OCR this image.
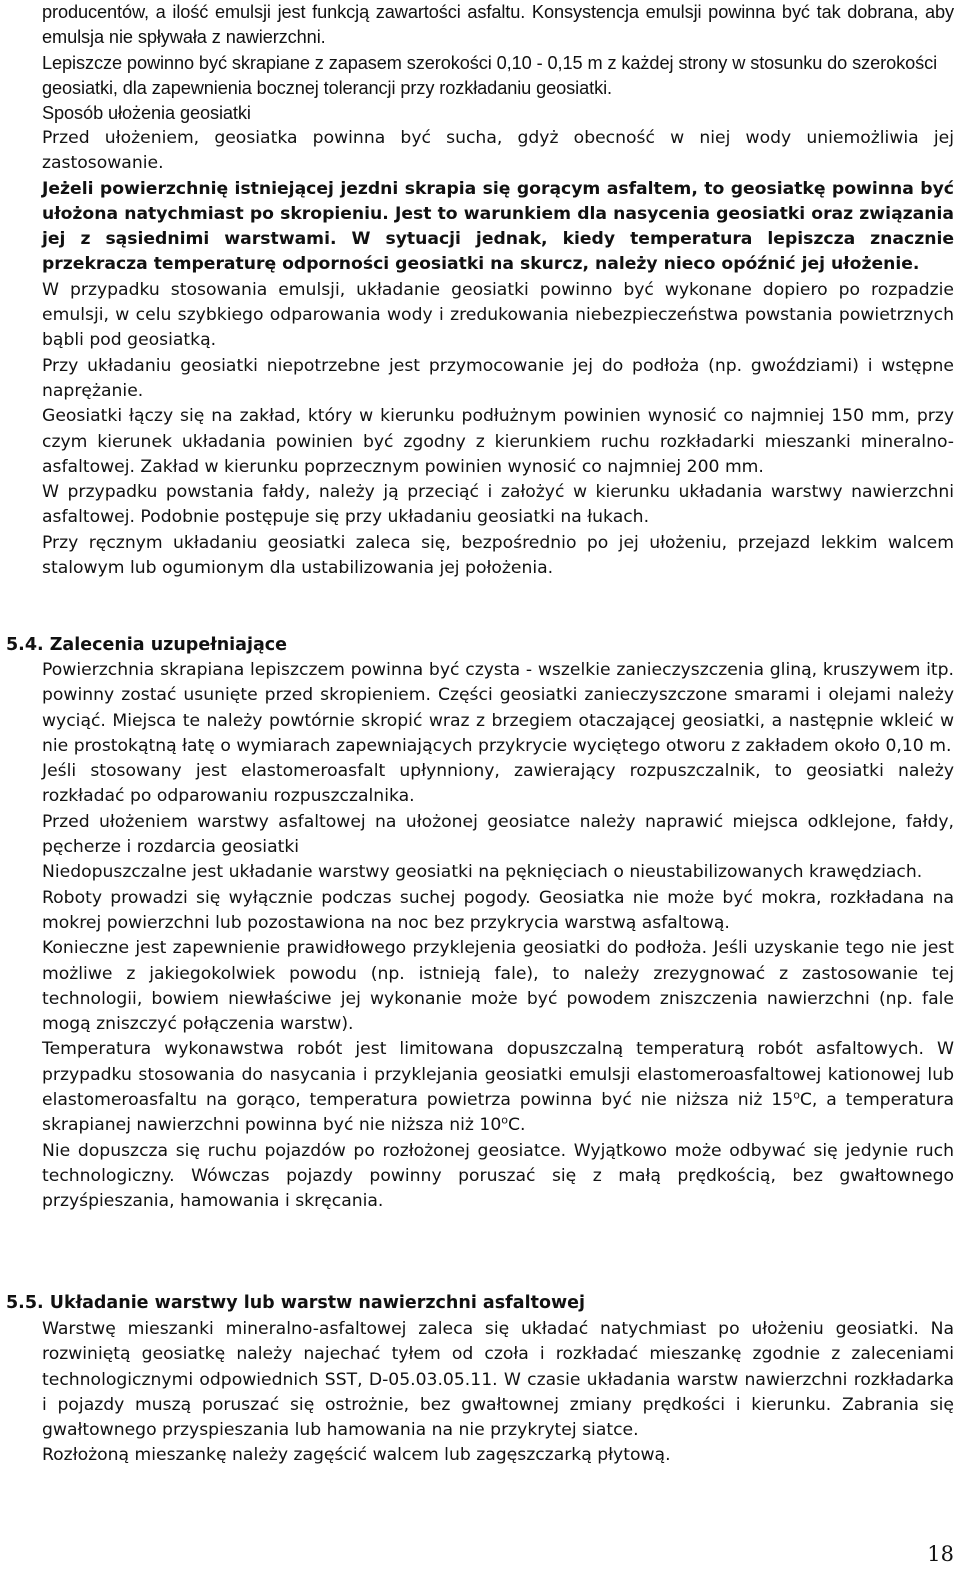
producentów, a ilość emulsji jest funkcją zawartości asfaltu. Konsystencja emulsji powinna być tak dobrana, aby emulsja nie spływała z nawierzchni.

Lepiszcze powinno być skrapiane z zapasem szerokości 0,10 - 0,15 m z każdej strony w stosunku do szerokości geosiatki, dla zapewnienia bocznej tolerancji przy rozkładaniu geosiatki.

Sposób ułożenia geosiatki

Przed ułożeniem, geosiatka powinna być sucha, gdyż obecność w niej wody uniemożliwia jej zastosowanie.

Jeżeli powierzchnię istniejącej jezdni skrapia się gorącym asfaltem, to geosiatkę powinna być ułożona natychmiast po skropieniu. Jest to warunkiem dla nasycenia geosiatki oraz związania jej z sąsiednimi warstwami. W sytuacji jednak, kiedy temperatura lepiszcza znacznie przekracza temperaturę odporności geosiatki na skurcz, należy nieco opóźnić jej ułożenie.

W przypadku stosowania emulsji, układanie geosiatki powinno być wykonane dopiero po rozpadzie emulsji, w celu szybkiego odparowania wody i zredukowania niebezpieczeństwa powstania powietrznych bąbli pod geosiatką.

Przy układaniu geosiatki niepotrzebne jest przymocowanie jej do podłoża (np. gwoździami) i wstępne naprężanie.

Geosiatki łączy się na zakład, który w kierunku podłużnym powinien wynosić co najmniej 150 mm, przy czym kierunek układania powinien być zgodny z kierunkiem ruchu rozkładarki mieszanki mineralno-asfaltowej. Zakład w kierunku poprzecznym powinien wynosić co najmniej 200 mm.

W przypadku powstania fałdy, należy ją przeciąć i założyć w kierunku układania warstwy nawierzchni asfaltowej. Podobnie postępuje się przy układaniu geosiatki na łukach.

Przy ręcznym układaniu geosiatki zaleca się, bezpośrednio po jej ułożeniu, przejazd lekkim walcem stalowym lub ogumionym dla ustabilizowania jej położenia.

5.4. Zalecenia uzupełniające

Powierzchnia skrapiana lepiszczem powinna być czysta - wszelkie zanieczyszczenia gliną, kruszywem itp. powinny zostać usunięte przed skropieniem. Części geosiatki zanieczyszczone smarami i olejami należy wyciąć. Miejsca te należy powtórnie skropić wraz z brzegiem otaczającej geosiatki, a następnie wkleić w nie prostokątną łatę o wymiarach zapewniających przykrycie wyciętego otworu z zakładem około 0,10 m.

Jeśli stosowany jest elastomeroasfalt upłynniony, zawierający rozpuszczalnik, to geosiatki należy rozkładać po odparowaniu rozpuszczalnika.

Przed ułożeniem warstwy asfaltowej na ułożonej geosiatce należy naprawić miejsca odklejone, fałdy, pęcherze i rozdarcia geosiatki

Niedopuszczalne jest układanie warstwy geosiatki na pęknięciach o nieustabilizowanych krawędziach.

Roboty prowadzi się wyłącznie podczas suchej pogody. Geosiatka nie może być mokra, rozkładana na mokrej powierzchni lub pozostawiona na noc bez przykrycia warstwą asfaltową.

Konieczne jest zapewnienie prawidłowego przyklejenia geosiatki do podłoża. Jeśli uzyskanie tego nie jest możliwe z jakiegokolwiek powodu (np. istnieją fale), to należy zrezygnować z zastosowanie tej technologii, bowiem niewłaściwe jej wykonanie może być powodem zniszczenia nawierzchni (np. fale mogą zniszczyć połączenia warstw).

Temperatura wykonawstwa robót jest limitowana dopuszczalną temperaturą robót asfaltowych. W przypadku stosowania do nasycania i przyklejania geosiatki emulsji elastomeroasfaltowej kationowej lub elastomeroasfaltu na gorąco, temperatura powietrza powinna być nie niższa niż 15$^o$C, a temperatura skrapianej nawierzchni powinna być nie niższa niż 10$^o$C.

Nie dopuszcza się ruchu pojazdów po rozłożonej geosiatce. Wyjątkowo może odbywać się jedynie ruch technologiczny. Wówczas pojazdy powinny poruszać się z małą prędkością, bez gwałtownego przyśpieszania, hamowania i skręcania.

5.5. Układanie warstwy lub warstw nawierzchni asfaltowej

Warstwę mieszanki mineralno-asfaltowej zaleca się układać natychmiast po ułożeniu geosiatki. Na rozwiniętą geosiatkę należy najechać tyłem od czoła i rozkładać mieszankę zgodnie z zaleceniami technologicznymi odpowiednich SST, D-05.03.05.11. W czasie układania warstw nawierzchni rozkładarka i pojazdy muszą poruszać się ostrożnie, bez gwałtownej zmiany prędkości i kierunku. Zabrania się gwałtownego przyspieszania lub hamowania na nie przykrytej siatce.

Rozłożoną mieszankę należy zagęścić walcem lub zagęszczarką płytową.

18
